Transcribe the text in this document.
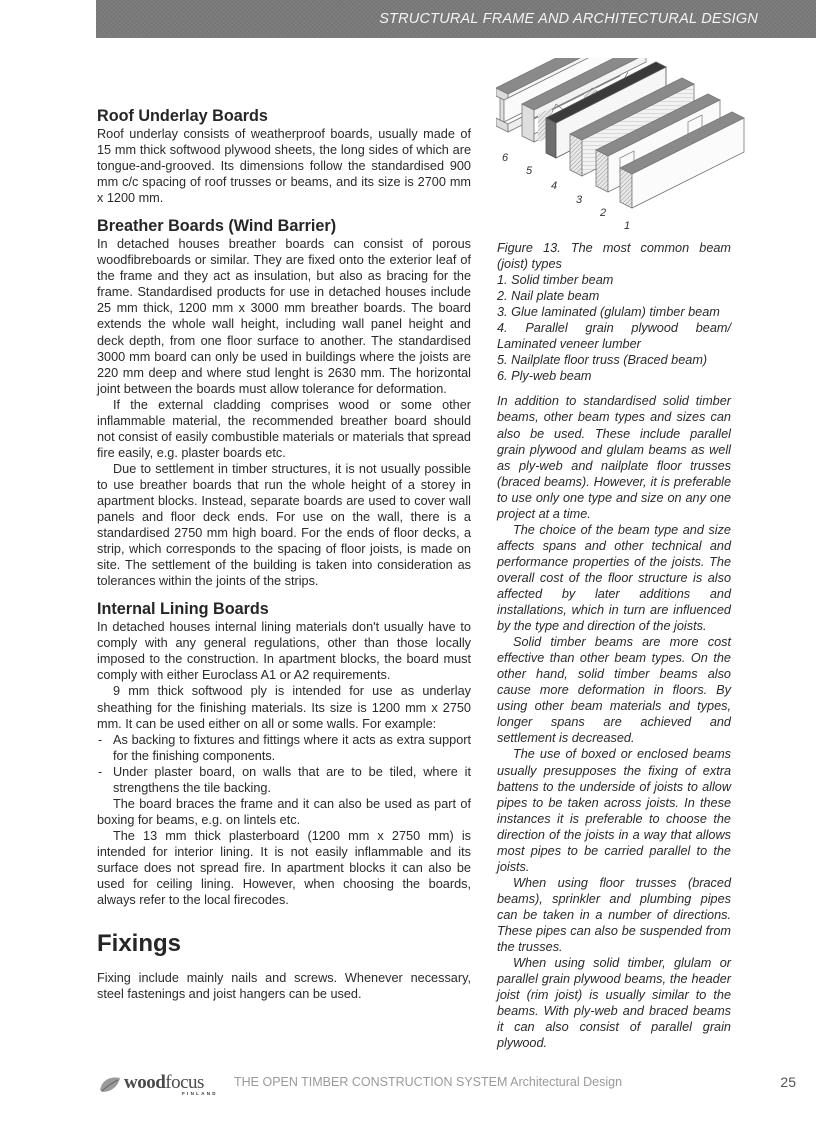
STRUCTURAL FRAME AND ARCHITECTURAL DESIGN
Roof Underlay Boards

Roof underlay consists of weatherproof boards, usually made of 15 mm thick softwood plywood sheets, the long sides of which are tongue-and-grooved. Its dimensions follow the standardised 900 mm c/c spacing of roof trusses or beams, and its size is 2700 mm x 1200 mm.

Breather Boards (Wind Barrier)

In detached houses breather boards can consist of porous woodfibreboards or similar. They are fixed onto the exterior leaf of the frame and they act as insulation, but also as bracing for the frame. Standardised products for use in detached houses include 25 mm thick, 1200 mm x 3000 mm breather boards. The board extends the whole wall height, including wall panel height and deck depth, from one floor surface to another. The standardised 3000 mm board can only be used in buildings where the joists are 220 mm deep and where stud lenght is 2630 mm. The horizontal joint between the boards must allow tolerance for deformation.

If the external cladding comprises wood or some other inflammable material, the recommended breather board should not consist of easily combustible materials or materials that spread fire easily, e.g. plaster boards etc.

Due to settlement in timber structures, it is not usually possible to use breather boards that run the whole height of a storey in apartment blocks. Instead, separate boards are used to cover wall panels and floor deck ends. For use on the wall, there is a standardised 2750 mm high board. For the ends of floor decks, a strip, which corresponds to the spacing of floor joists, is made on site. The settlement of the building is taken into consideration as tolerances within the joints of the strips.

Internal Lining Boards

In detached houses internal lining materials don't usually have to comply with any general regulations, other than those locally imposed to the construction. In apartment blocks, the board must comply with either Euroclass A1 or A2 requirements.

9 mm thick softwood ply is intended for use as underlay sheathing for the finishing materials. Its size is 1200 mm x 2750 mm. It can be used either on all or some walls. For example:

- As backing to fixtures and fittings where it acts as extra support for the finishing components.
- Under plaster board, on walls that are to be tiled, where it strengthens the tile backing.

The board braces the frame and it can also be used as part of boxing for beams, e.g. on lintels etc.

The 13 mm thick plasterboard (1200 mm x 2750 mm) is intended for interior lining. It is not easily inflammable and its surface does not spread fire. In apartment blocks it can also be used for ceiling lining. However, when choosing the boards, always refer to the local firecodes.

Fixings

Fixing include mainly nails and screws. Whenever necessary, steel fastenings and joist hangers can be used.

6
5
4
3
2
1

Figure 13. The most common beam (joist) types

1. Solid timber beam

2. Nail plate beam

3. Glue laminated (glulam) timber beam

4. Parallel grain plywood beam/ Laminated veneer lumber

5. Nailplate floor truss (Braced beam)

6. Ply-web beam

In addition to standardised solid timber beams, other beam types and sizes can also be used. These include parallel grain plywood and glulam beams as well as ply-web and nailplate floor trusses (braced beams). However, it is preferable to use only one type and size on any one project at a time.

The choice of the beam type and size affects spans and other technical and performance properties of the joists. The overall cost of the floor structure is also affected by later additions and installations, which in turn are influenced by the type and direction of the joists.

Solid timber beams are more cost effective than other beam types. On the other hand, solid timber beams also cause more deformation in floors. By using other beam materials and types, longer spans are achieved and settlement is decreased.

The use of boxed or enclosed beams usually presupposes the fixing of extra battens to the underside of joists to allow pipes to be taken across joists. In these instances it is preferable to choose the direction of the joists in a way that allows most pipes to be carried parallel to the joists.

When using floor trusses (braced beams), sprinkler and plumbing pipes can be taken in a number of directions. These pipes can also be suspended from the trusses.

When using solid timber, glulam or parallel grain plywood beams, the header joist (rim joist) is usually similar to the beams. With ply-web and braced beams it can also consist of parallel grain plywood.

woodfocus
FINLAND
THE OPEN TIMBER CONSTRUCTION SYSTEM Architectural Design	25
